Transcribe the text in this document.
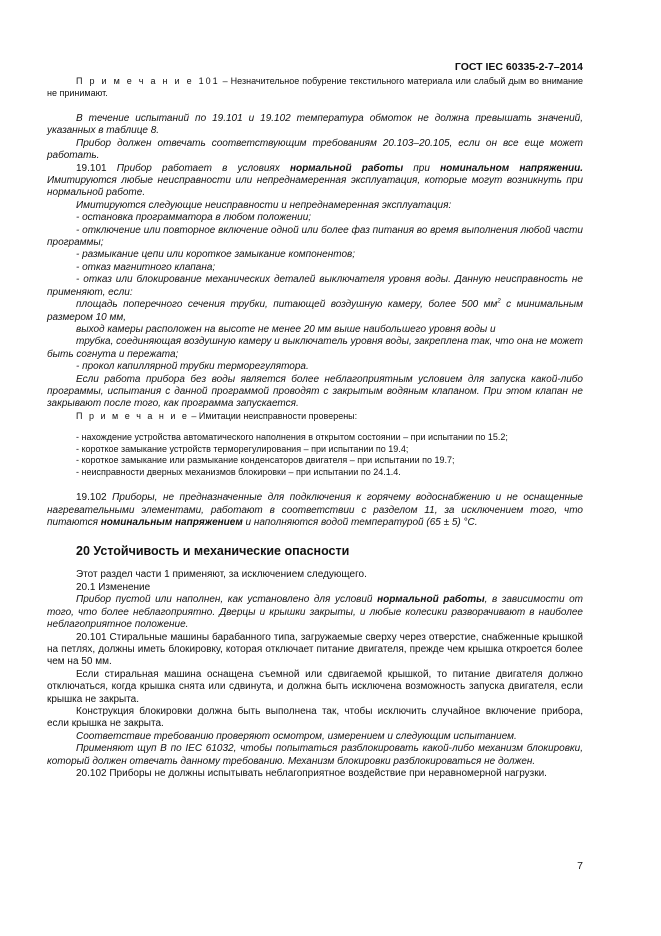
ГОСТ IEC 60335-2-7–2014

П р и м е ч а н и е 101 – Незначительное побурение текстильного материала или слабый дым во внимание не принимают.

В течение испытаний по 19.101 и 19.102 температура обмоток не должна превышать значений, указанных в таблице 8.

Прибор должен отвечать соответствующим требованиям 20.103–20.105, если он все еще может работать.

19.101 Прибор работает в условиях нормальной работы при номинальном напряжении. Имитируются любые неисправности или непреднамеренная эксплуатация, которые могут возникнуть при нормальной работе.

Имитируются следующие неисправности и непреднамеренная эксплуатация:

- остановка программатора в любом положении;

- отключение или повторное включение одной или более фаз питания во время выполнения любой части программы;

- размыкание цепи или короткое замыкание компонентов;

- отказ магнитного клапана;

- отказ или блокирование механических деталей выключателя уровня воды. Данную неисправность не применяют, если:

площадь поперечного сечения трубки, питающей воздушную камеру, более 500 $мм^2$ с минимальным размером 10 мм,

выход камеры расположен на высоте не менее 20 мм выше наибольшего уровня воды и

трубка, соединяющая воздушную камеру и выключатель уровня воды, закреплена так, что она не может быть согнута и пережата;

- прокол капиллярной трубки терморегулятора.

Если работа прибора без воды является более неблагоприятным условием для запуска какой-либо программы, испытания с данной программой проводят с закрытым водяным клапаном. При этом клапан не закрывают после того, как программа запускается.

П р и м е ч а н и е – Имитации неисправности проверены:

- нахождение устройства автоматического наполнения в открытом состоянии – при испытании по 15.2;

- короткое замыкание устройств терморегулирования – при испытании по 19.4;

- короткое замыкание или размыкание конденсаторов двигателя – при испытании по 19.7;

- неисправности дверных механизмов блокировки – при испытании по 24.1.4.

19.102 Приборы, не предназначенные для подключения к горячему водоснабжению и не оснащенные нагревательными элементами, работают в соответствии с разделом 11, за исключением того, что питаются номинальным напряжением и наполняются водой температурой (65 ± 5) °С.

20 Устойчивость и механические опасности

Этот раздел части 1 применяют, за исключением следующего.

20.1 Изменение

Прибор пустой или наполнен, как установлено для условий нормальной работы, в зависимости от того, что более неблагоприятно. Дверцы и крышки закрыты, и любые колесики разворачивают в наиболее неблагоприятное положение.

20.101 Стиральные машины барабанного типа, загружаемые сверху через отверстие, снабженные крышкой на петлях, должны иметь блокировку, которая отключает питание двигателя, прежде чем крышка откроется более чем на 50 мм.

Если стиральная машина оснащена съемной или сдвигаемой крышкой, то питание двигателя должно отключаться, когда крышка снята или сдвинута, и должна быть исключена возможность запуска двигателя, если крышка не закрыта.

Конструкция блокировки должна быть выполнена так, чтобы исключить случайное включение прибора, если крышка не закрыта.

Соответствие требованию проверяют осмотром, измерением и следующим испытанием.

Применяют щуп B по IEC 61032, чтобы попытаться разблокировать какой-либо механизм блокировки, который должен отвечать данному требованию. Механизм блокировки разблокироваться не должен.

20.102 Приборы не должны испытывать неблагоприятное воздействие при неравномерной нагрузки.

7
